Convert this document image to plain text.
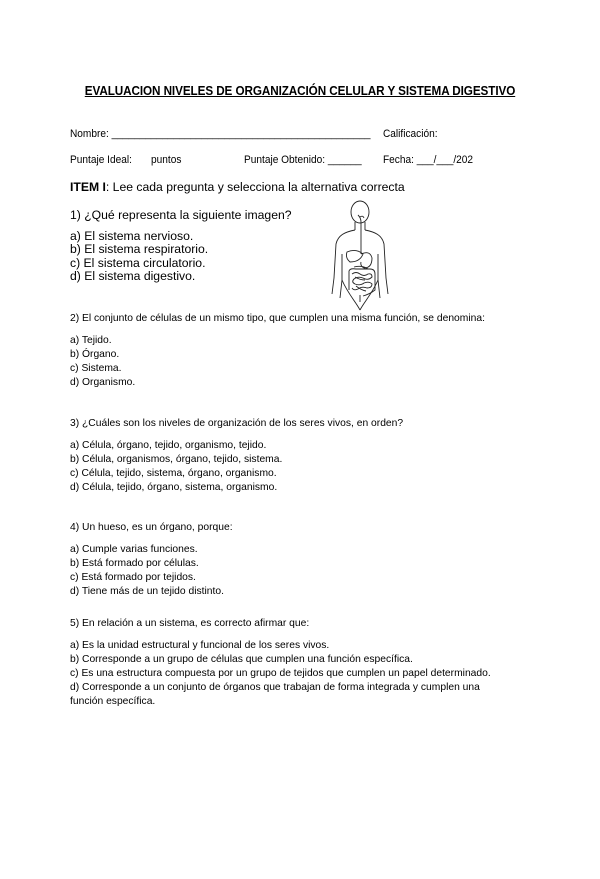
EVALUACION NIVELES DE ORGANIZACIÓN CELULAR Y SISTEMA DIGESTIVO
Nombre: ______________________________________________ Calificación:
Puntaje Ideal: puntos	Puntaje Obtenido: ______ Fecha: ___/___/202
ITEM I: Lee cada pregunta y selecciona la alternativa correcta
1) ¿Qué representa la siguiente imagen?
a) El sistema nervioso.
b) El sistema respiratorio.
c) El sistema circulatorio.
d) El sistema digestivo.
2) El conjunto de células de un mismo tipo, que cumplen una misma función, se denomina:
a) Tejido.
b) Órgano.
c) Sistema.
d) Organismo.
3) ¿Cuáles son los niveles de organización de los seres vivos, en orden?
a) Célula, órgano, tejido, organismo, tejido.
b) Célula, organismos, órgano, tejido, sistema.
c) Célula, tejido, sistema, órgano, organismo.
d) Célula, tejido, órgano, sistema, organismo.
4) Un hueso, es un órgano, porque:
a) Cumple varias funciones.
b) Está formado por células.
c) Está formado por tejidos.
d) Tiene más de un tejido distinto.
5) En relación a un sistema, es correcto afirmar que:
a) Es la unidad estructural y funcional de los seres vivos.
b) Corresponde a un grupo de células que cumplen una función específica.
c) Es una estructura compuesta por un grupo de tejidos que cumplen un papel determinado.
d) Corresponde a un conjunto de órganos que trabajan de forma integrada y cumplen una
función específica.
